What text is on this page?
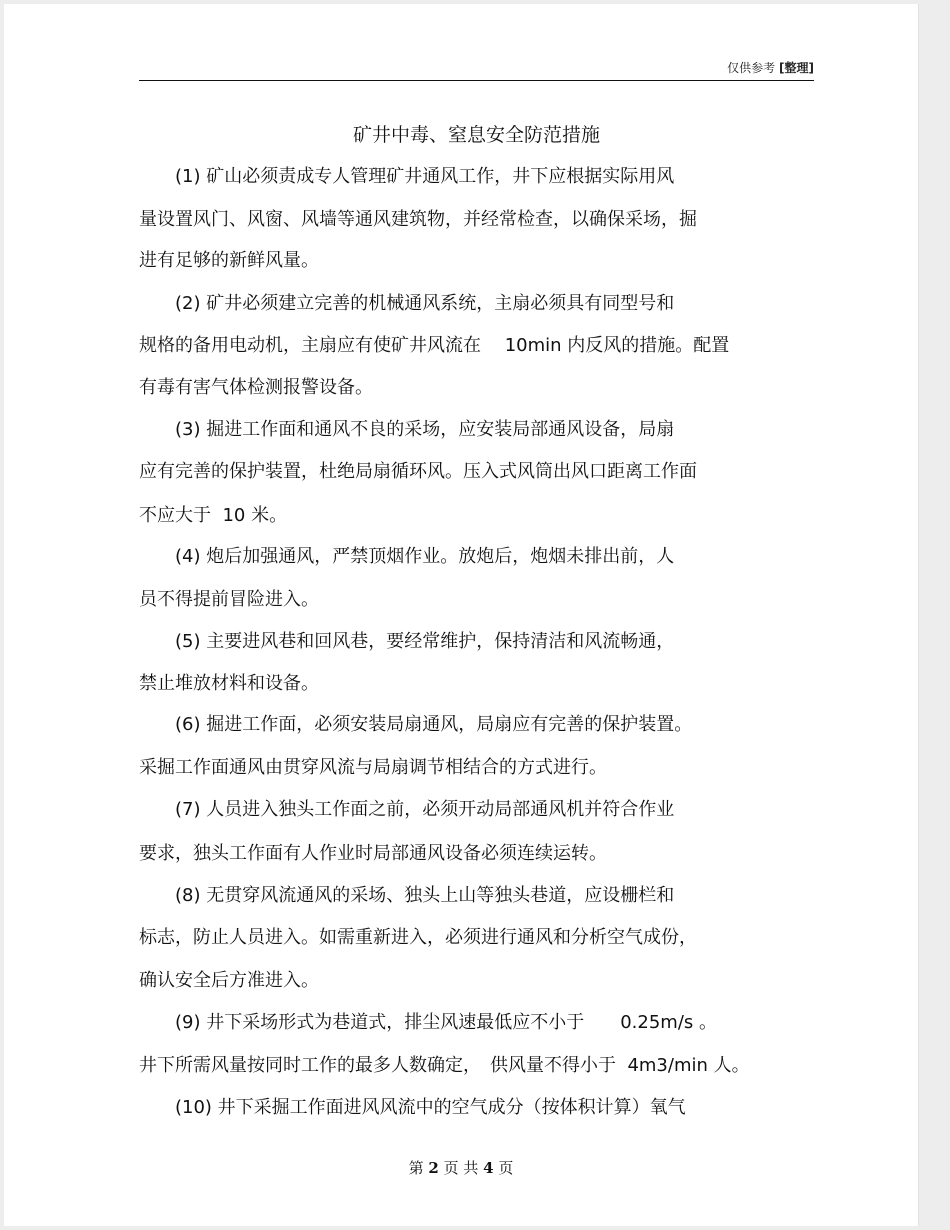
仅供参考 [整理]
矿井中毒、窒息安全防范措施
　　(1) 矿山必须责成专人管理矿井通风工作，井下应根据实际用风
量设置风门、风窗、风墙等通风建筑物，并经常检查，以确保采场，掘
进有足够的新鲜风量。
　　(2) 矿井必须建立完善的机械通风系统，主扇必须具有同型号和
规格的备用电动机，主扇应有使矿井风流在　 10min 内反风的措施。配置
有毒有害气体检测报警设备。
　　(3) 掘进工作面和通风不良的采场，应安装局部通风设备，局扇
应有完善的保护装置，杜绝局扇循环风。压入式风筒出风口距离工作面
不应大于  10 米。
　　(4) 炮后加强通风，严禁顶烟作业。放炮后，炮烟未排出前，人
员不得提前冒险进入。
　　(5) 主要进风巷和回风巷，要经常维护，保持清洁和风流畅通，
禁止堆放材料和设备。
　　(6) 掘进工作面，必须安装局扇通风，局扇应有完善的保护装置。
采掘工作面通风由贯穿风流与局扇调节相结合的方式进行。
　　(7) 人员进入独头工作面之前，必须开动局部通风机并符合作业
要求，独头工作面有人作业时局部通风设备必须连续运转。
　　(8) 无贯穿风流通风的采场、独头上山等独头巷道，应设栅栏和
标志，防止人员进入。如需重新进入，必须进行通风和分析空气成份，
确认安全后方准进入。
　　(9) 井下采场形式为巷道式，排尘风速最低应不小于　　0.25m/s 。
井下所需风量按同时工作的最多人数确定，　供风量不得小于  4m3/min 人。
　　(10) 井下采掘工作面进风风流中的空气成分（按体积计算）氧气
第 2 页 共 4 页
